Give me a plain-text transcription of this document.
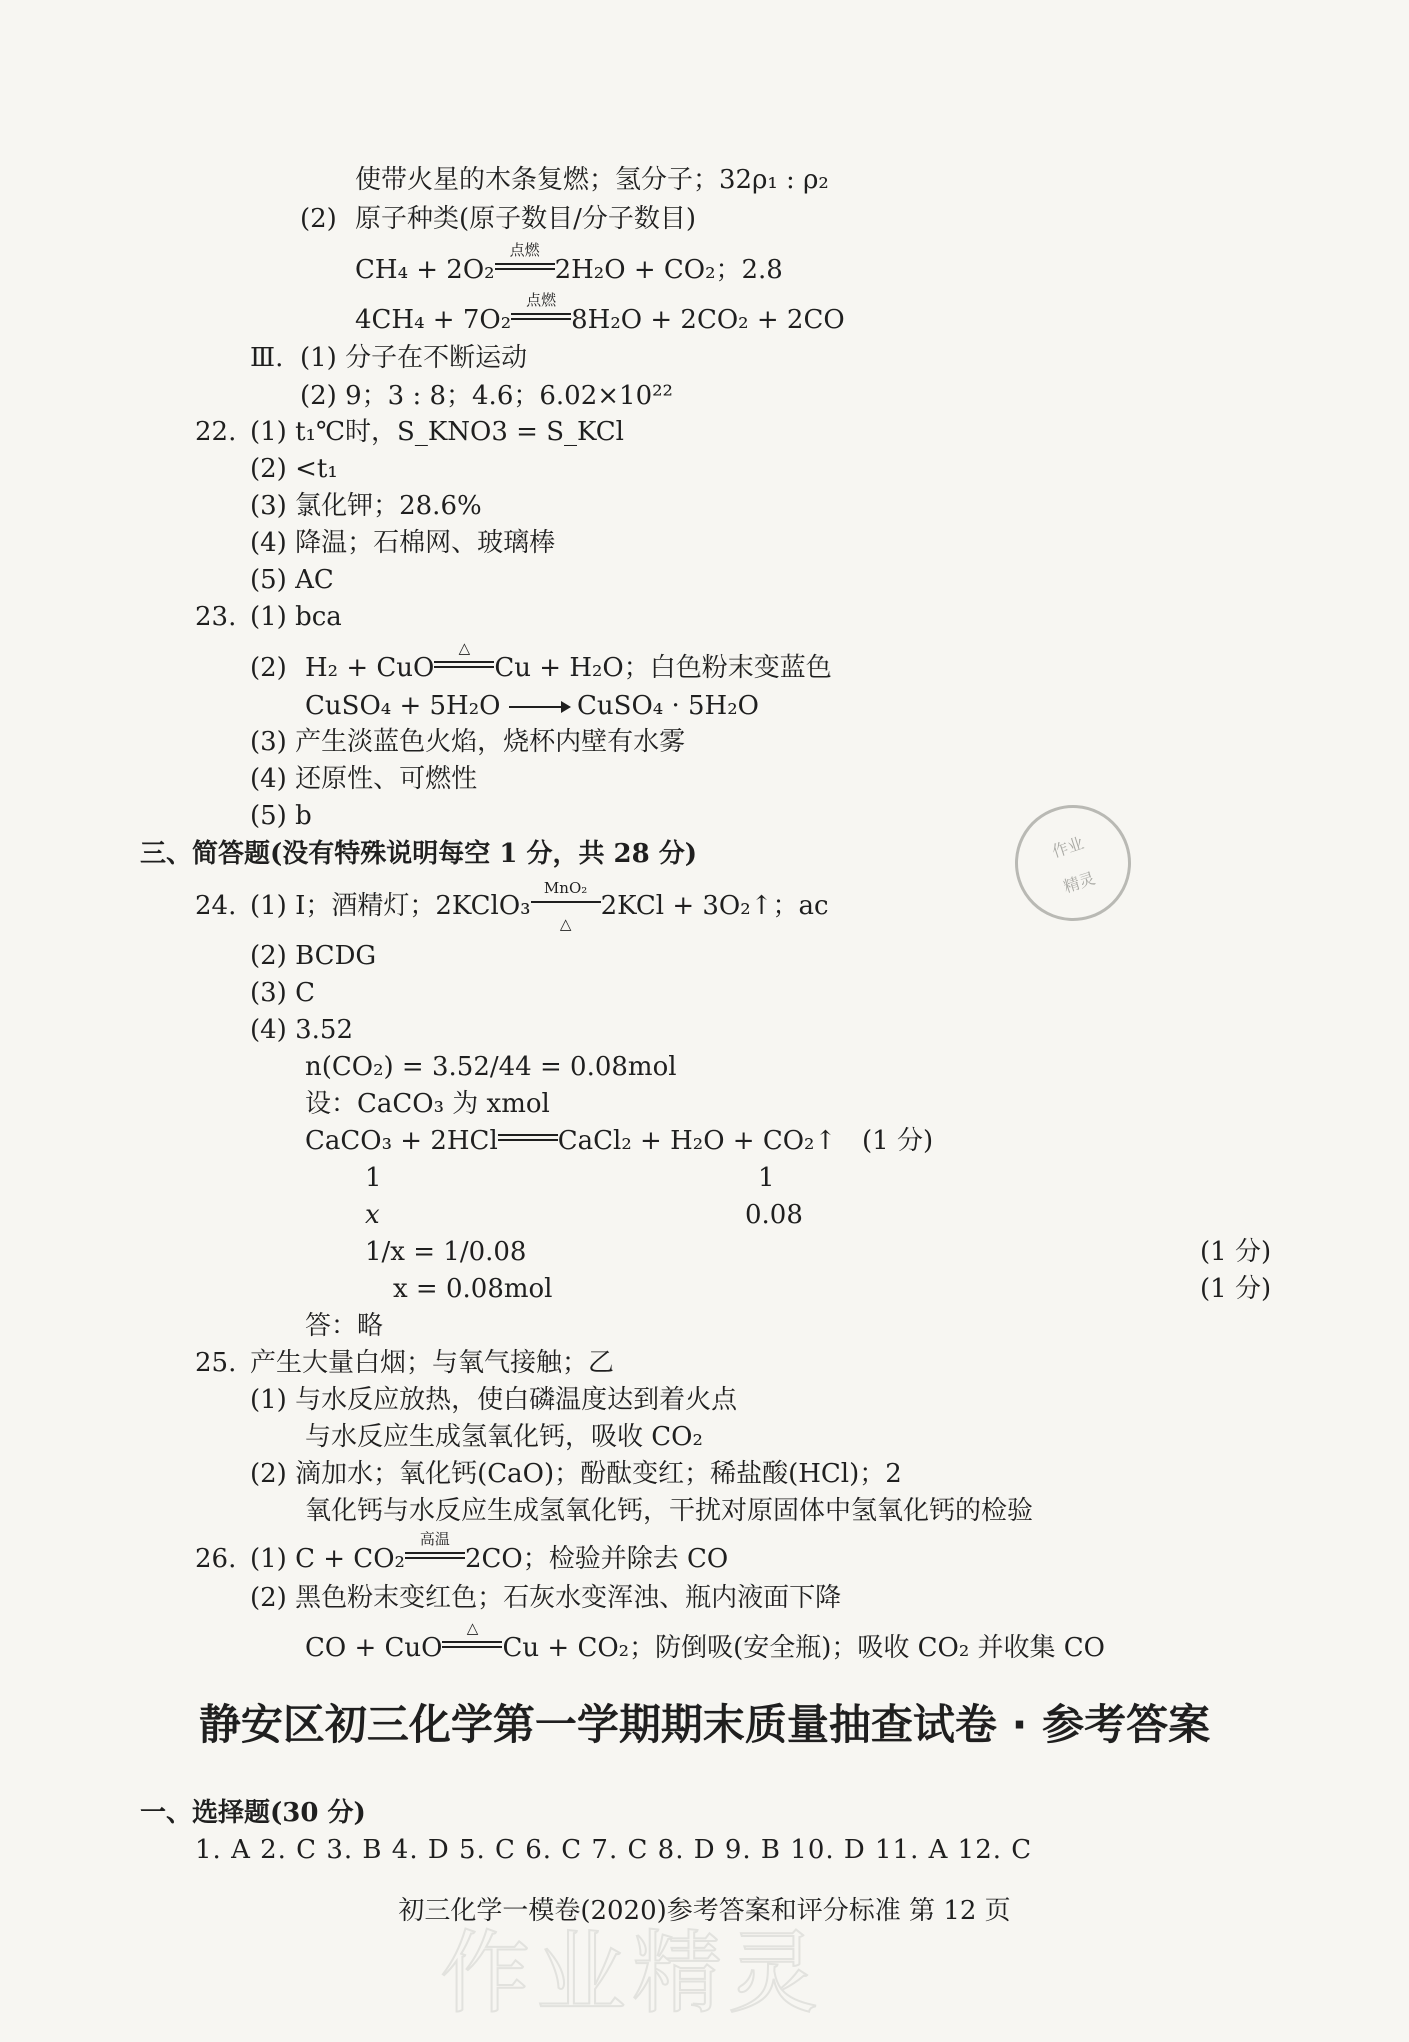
使带火星的木条复燃；氢分子；32ρ₁ : ρ₂
(2) 原子种类(原子数目/分子数目)
CH₄ + 2O₂
点燃
2H₂O + CO₂；2.8
4CH₄ + 7O₂
点燃
8H₂O + 2CO₂ + 2CO
Ⅲ. (1) 分子在不断运动
(2) 9；3 : 8；4.6；6.02×10²²
22. (1) t₁℃时，S_KNO3 = S_KCl
(2) <t₁
(3) 氯化钾；28.6%
(4) 降温；石棉网、玻璃棒
(5) AC
23. (1) bca
(2) H₂ + CuO
△
Cu + H₂O；白色粉末变蓝色
CuSO₄ + 5H₂O	CuSO₄ · 5H₂O
(3) 产生淡蓝色火焰，烧杯内壁有水雾
(4) 还原性、可燃性
(5) b
三、简答题(没有特殊说明每空 1 分，共 28 分)
24. (1) I；酒精灯；2KClO₃
MnO₂
△
2KCl + 3O₂↑；ac
(2) BCDG
(3) C
(4) 3.52
n(CO₂) = 3.52/44 = 0.08mol
设：CaCO₃ 为 xmol
CaCO₃ + 2HCl CaCl₂ + H₂O + CO₂↑ (1 分)
1	1
x	0.08
1/x = 1/0.08	(1 分)
x = 0.08mol	(1 分)
答：略
25. 产生大量白烟；与氧气接触；乙
(1) 与水反应放热，使白磷温度达到着火点
与水反应生成氢氧化钙，吸收 CO₂
(2) 滴加水；氧化钙(CaO)；酚酞变红；稀盐酸(HCl)；2
氧化钙与水反应生成氢氧化钙，干扰对原固体中氢氧化钙的检验
26. (1) C + CO₂
高温
2CO；检验并除去 CO
(2) 黑色粉末变红色；石灰水变浑浊、瓶内液面下降
CO + CuO
△
Cu + CO₂；防倒吸(安全瓶)；吸收 CO₂ 并收集 CO
静安区初三化学第一学期期末质量抽查试卷 · 参考答案
一、选择题(30 分)
1. A 2. C 3. B 4. D 5. C 6. C 7. C 8. D 9. B 10. D 11. A 12. C
初三化学一模卷(2020)参考答案和评分标准 第 12 页
作业
精灵
作业精灵
